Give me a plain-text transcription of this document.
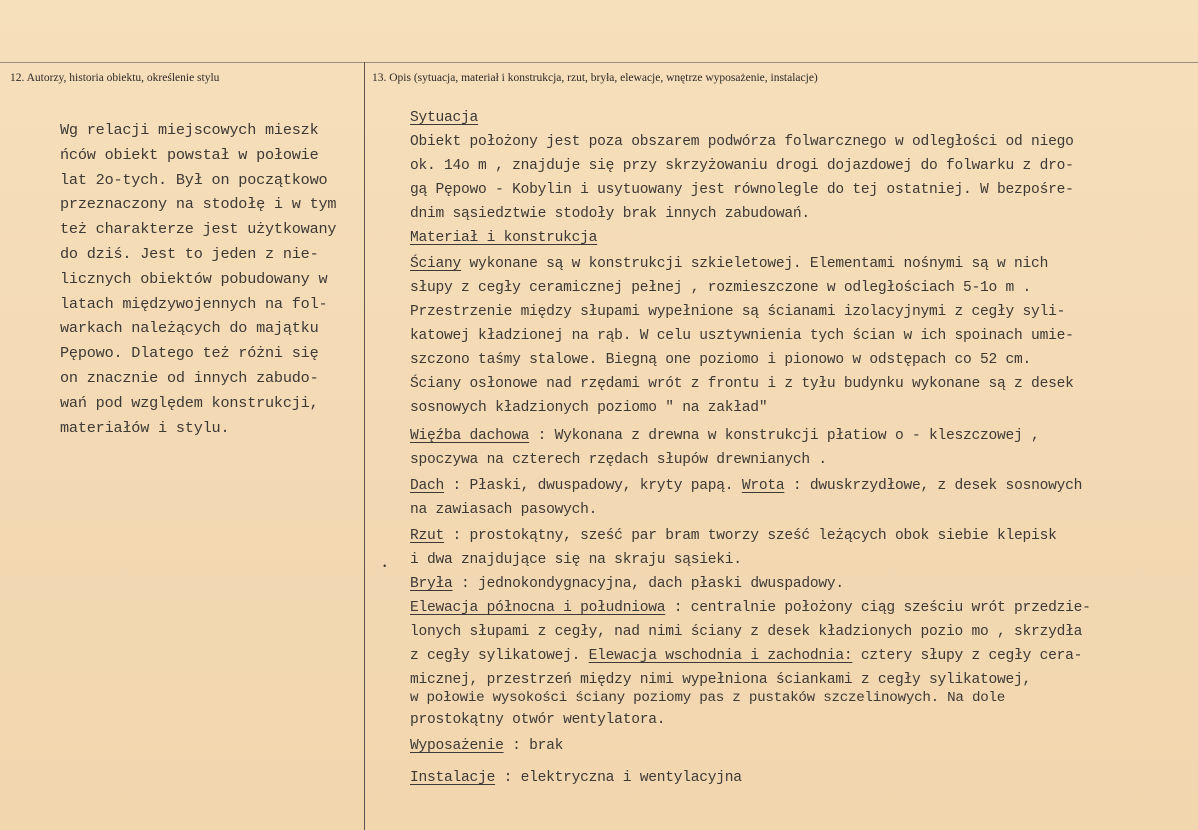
12. Autorzy, historia obiektu, określenie stylu	13. Opis (sytuacja, materiał i konstrukcja, rzut, bryła, elewacje, wnętrze wyposażenie, instalacje)
Wg relacji miejscowych mieszk
ńców obiekt powstał w połowie
lat 2o-tych. Był on początkowo
przeznaczony na stodołę i w tym
też charakterze jest użytkowany
do dziś. Jest to jeden z nie-
licznych obiektów pobudowany w
latach międzywojennych na fol-
warkach należących do majątku
Pępowo. Dlatego też różni się
on znacznie od innych zabudo-
wań pod względem konstrukcji,
materiałów i stylu.
•
Sytuacja
Obiekt położony jest poza obszarem podwórza folwarcznego w odległości od niego
ok. 14o m , znajduje się przy skrzyżowaniu drogi dojazdowej do folwarku z dro-
gą Pępowo - Kobylin i usytuowany jest równolegle do tej ostatniej. W bezpośre-
dnim sąsiedztwie stodoły brak innych zabudowań.
Materiał i konstrukcja
Ściany wykonane są w konstrukcji szkieletowej. Elementami nośnymi są w nich
słupy z cegły ceramicznej pełnej , rozmieszczone w odległościach 5-1o m .
Przestrzenie między słupami wypełnione są ścianami izolacyjnymi z cegły syli-
katowej kładzionej na rąb. W celu usztywnienia tych ścian w ich spoinach umie-
szczono taśmy stalowe. Biegną one poziomo i pionowo w odstępach co 52 cm.
Ściany osłonowe nad rzędami wrót z frontu i z tyłu budynku wykonane są z desek
sosnowych kładzionych poziomo " na zakład"
Więźba dachowa : Wykonana z drewna w konstrukcji płatiow o - kleszczowej ,
spoczywa na czterech rzędach słupów drewnianych .
Dach : Płaski, dwuspadowy, kryty papą. Wrota : dwuskrzydłowe, z desek sosnowych
na zawiasach pasowych.
Rzut : prostokątny, sześć par bram tworzy sześć leżących obok siebie klepisk
i dwa znajdujące się na skraju sąsieki.
Bryła : jednokondygnacyjna, dach płaski dwuspadowy.
Elewacja północna i południowa : centralnie położony ciąg sześciu wrót przedzie-
lonych słupami z cegły, nad nimi ściany z desek kładzionych pozio mo , skrzydła
z cegły sylikatowej. Elewacja wschodnia i zachodnia: cztery słupy z cegły cera-
micznej, przestrzeń między nimi wypełniona ściankami z cegły sylikatowej,
w połowie wysokości ściany poziomy pas z pustaków szczelinowych. Na dole
prostokątny otwór wentylatora.
Wyposażenie : brak
Instalacje : elektryczna i wentylacyjna
